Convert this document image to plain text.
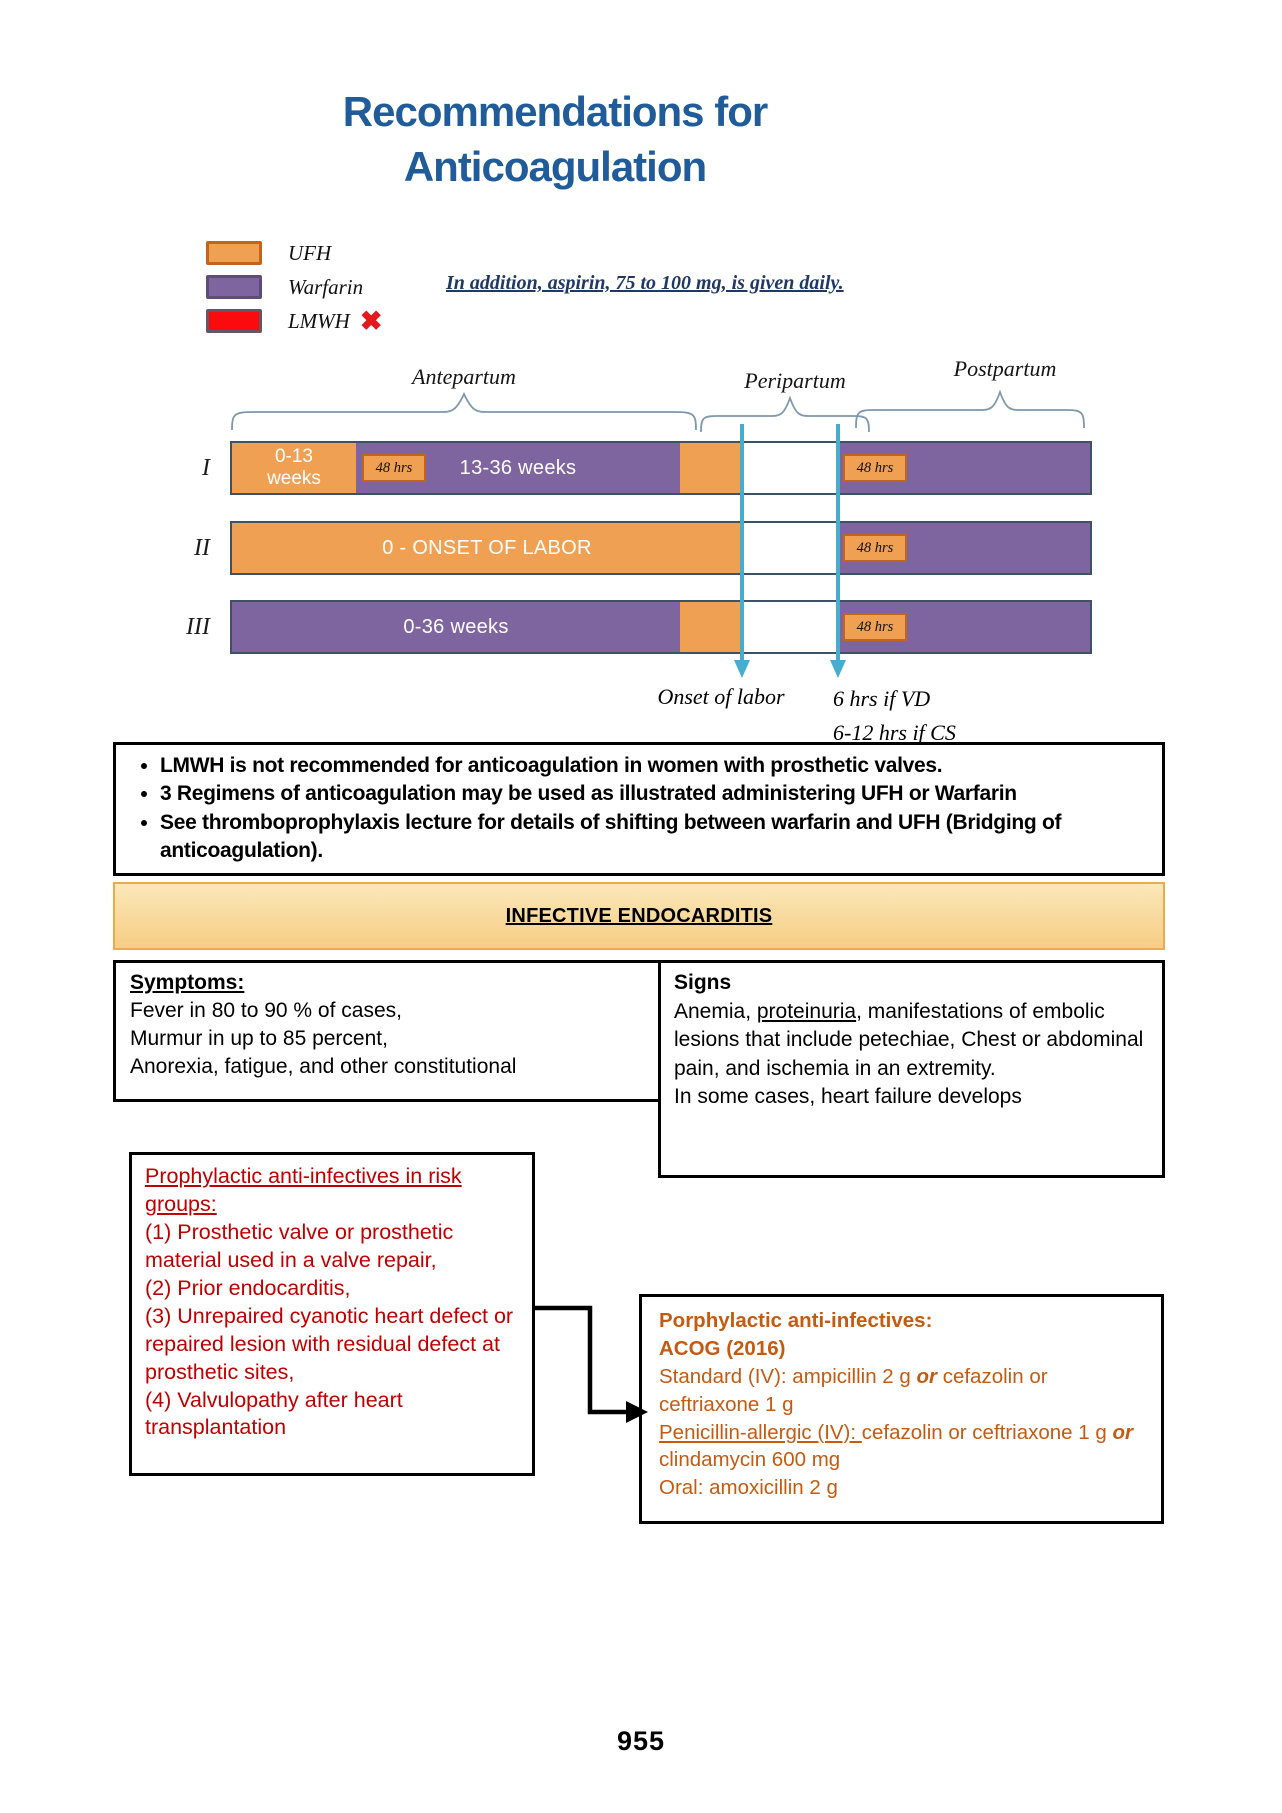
Recommendations for
Anticoagulation
UFH
Warfarin
LMWH ✖
In addition, aspirin, 75 to 100 mg, is given daily.
Antepartum	Peripartum	Postpartum
I	0-13
weeks	13-36 weeks
48 hrs	48 hrs
II	0 - ONSET OF LABOR	48 hrs
III	0-36 weeks	48 hrs
Onset of labor 6 hrs if VD
6-12 hrs if CS
• LMWH is not recommended for anticoagulation in women with prosthetic valves.
• 3 Regimens of anticoagulation may be used as illustrated administering UFH or Warfarin
• See thromboprophylaxis lecture for details of shifting between warfarin and UFH (Bridging of anticoagulation).
INFECTIVE ENDOCARDITIS
Symptoms:
Fever in 80 to 90 % of cases,
Murmur in up to 85 percent,
Anorexia, fatigue, and other constitutional
Signs
Anemia, proteinuria, manifestations of embolic lesions that include petechiae, Chest or abdominal pain, and ischemia in an extremity.
In some cases, heart failure develops
Prophylactic anti-infectives in risk groups:
(1) Prosthetic valve or prosthetic material used in a valve repair,
(2) Prior endocarditis,
(3) Unrepaired cyanotic heart defect or repaired lesion with residual defect at prosthetic sites,
(4) Valvulopathy after heart transplantation
Porphylactic anti-infectives:
ACOG (2016)
Standard (IV): ampicillin 2 g or cefazolin or ceftriaxone 1 g
Penicillin-allergic (IV): cefazolin or ceftriaxone 1 g or clindamycin 600 mg
Oral: amoxicillin 2 g
955
